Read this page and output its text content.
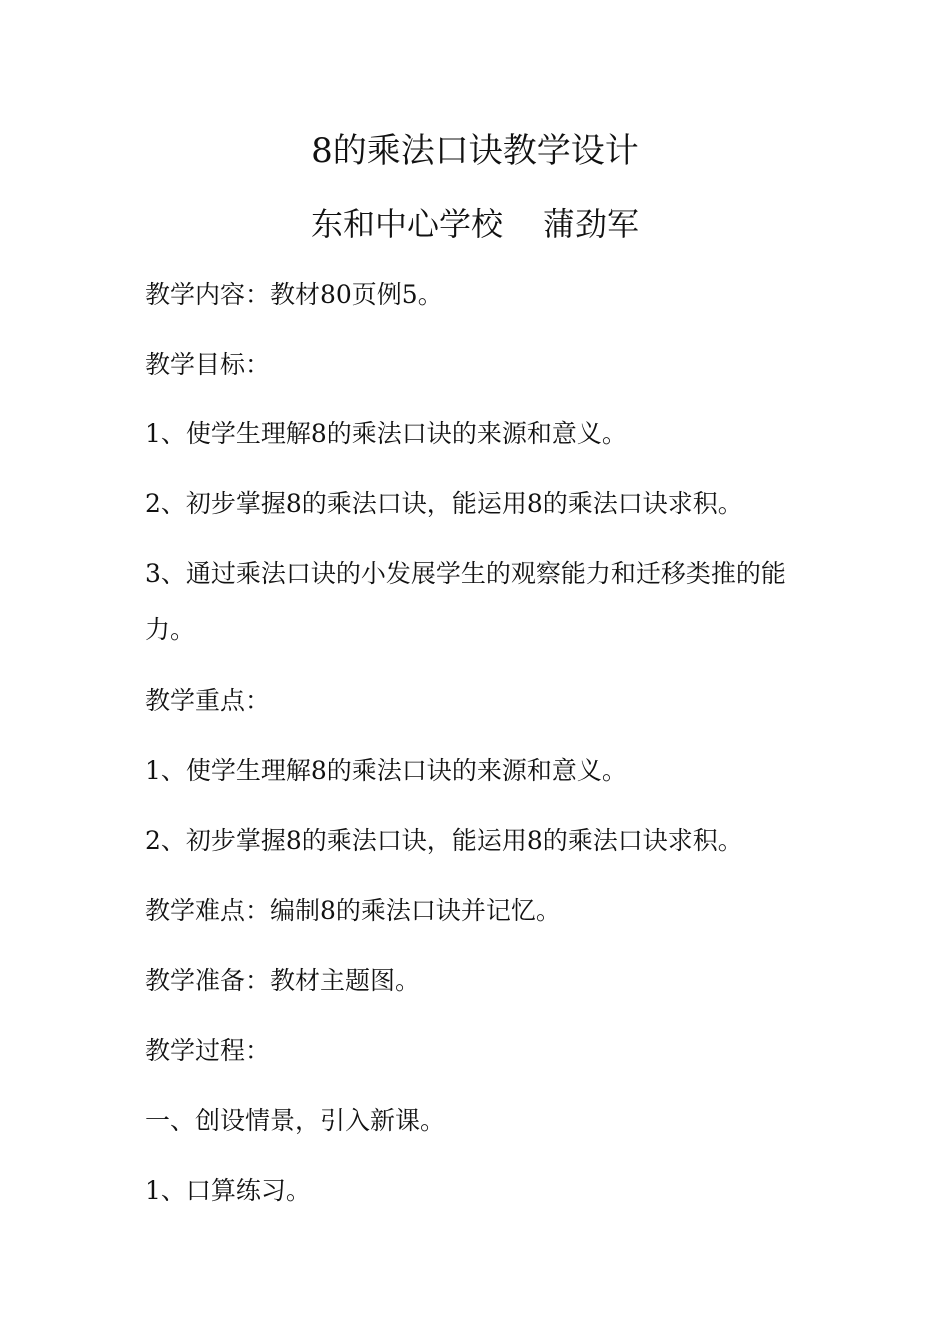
8的乘法口诀教学设计
东和中心学校 蒲劲军
教学内容：教材80页例5。
教学目标：
1、使学生理解8的乘法口诀的来源和意义。
2、初步掌握8的乘法口诀，能运用8的乘法口诀求积。
3、通过乘法口诀的小发展学生的观察能力和迁移类推的能
力。
教学重点：
1、使学生理解8的乘法口诀的来源和意义。
2、初步掌握8的乘法口诀，能运用8的乘法口诀求积。
教学难点：编制8的乘法口诀并记忆。
教学准备：教材主题图。
教学过程：
一、创设情景，引入新课。
1、口算练习。
